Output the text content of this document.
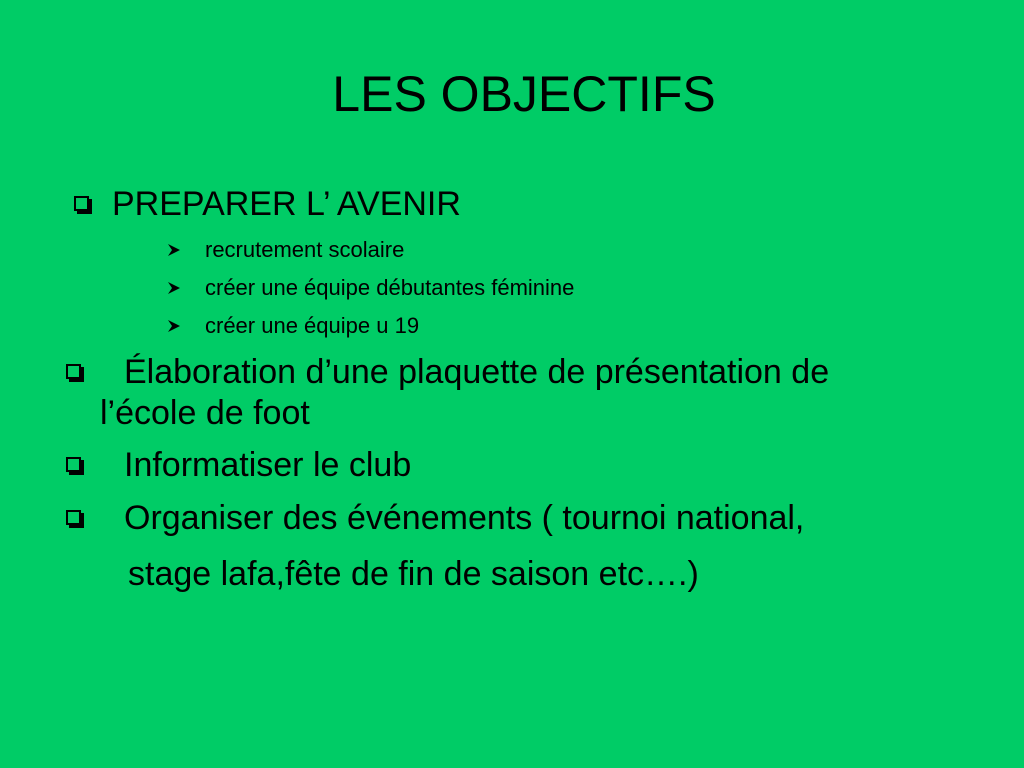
LES OBJECTIFS
PREPARER L’ AVENIR
recrutement scolaire
créer une équipe débutantes féminine
créer une équipe u 19
Élaboration d’une plaquette de présentation de
l’école de foot
Informatiser le club
Organiser des événements ( tournoi national,
stage lafa,fête de fin de saison etc….)
